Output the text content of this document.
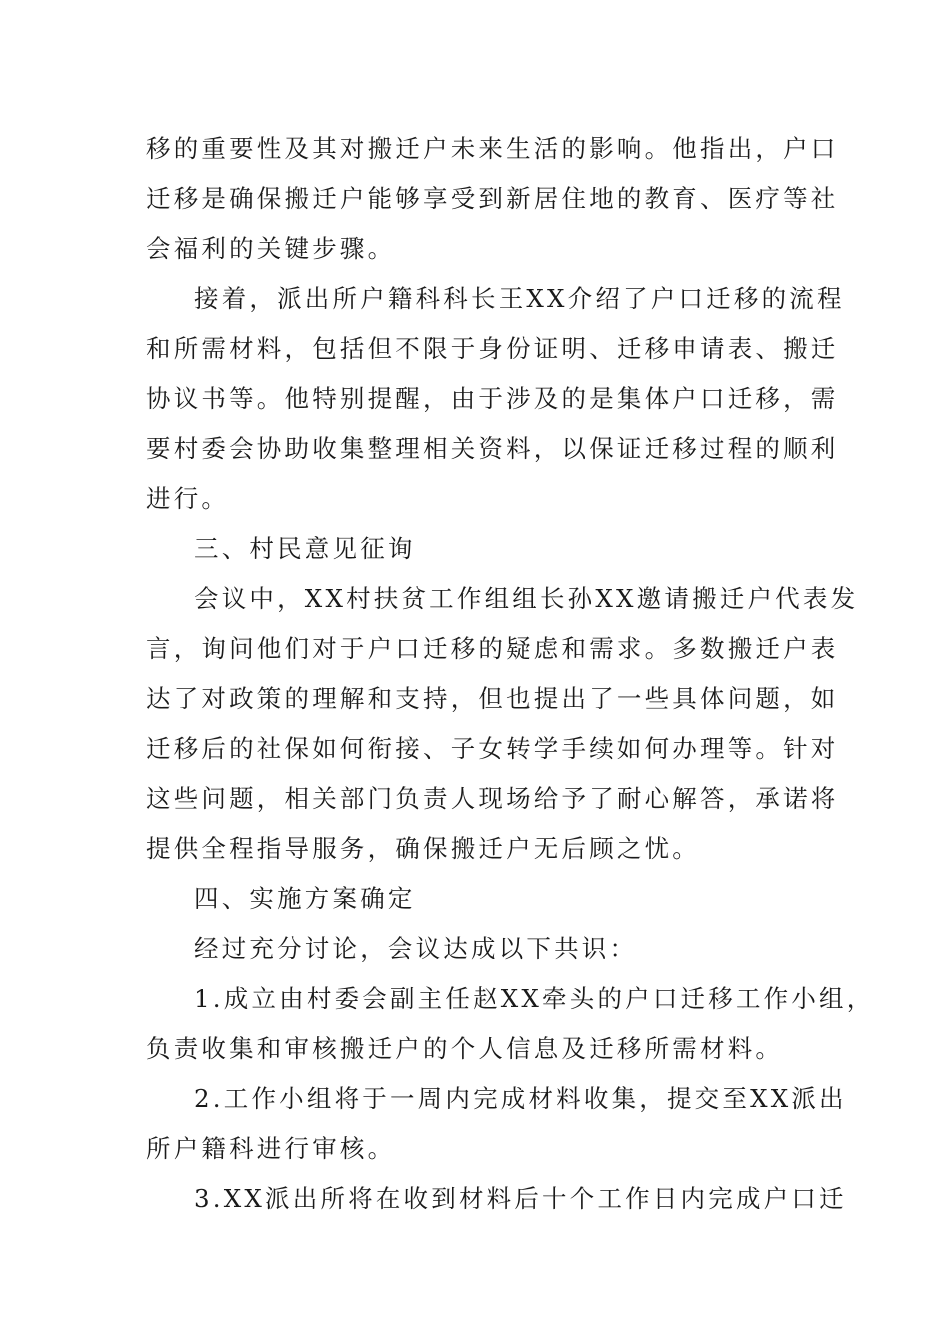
移的重要性及其对搬迁户未来生活的影响。他指出，户口
迁移是确保搬迁户能够享受到新居住地的教育、医疗等社
会福利的关键步骤。
接着，派出所户籍科科长王XX介绍了户口迁移的流程
和所需材料，包括但不限于身份证明、迁移申请表、搬迁
协议书等。他特别提醒，由于涉及的是集体户口迁移，需
要村委会协助收集整理相关资料，以保证迁移过程的顺利
进行。
三、村民意见征询
会议中，XX村扶贫工作组组长孙XX邀请搬迁户代表发
言，询问他们对于户口迁移的疑虑和需求。多数搬迁户表
达了对政策的理解和支持，但也提出了一些具体问题，如
迁移后的社保如何衔接、子女转学手续如何办理等。针对
这些问题，相关部门负责人现场给予了耐心解答，承诺将
提供全程指导服务，确保搬迁户无后顾之忧。
四、实施方案确定
经过充分讨论，会议达成以下共识：
1.成立由村委会副主任赵XX牵头的户口迁移工作小组，
负责收集和审核搬迁户的个人信息及迁移所需材料。
2.工作小组将于一周内完成材料收集，提交至XX派出
所户籍科进行审核。
3.XX派出所将在收到材料后十个工作日内完成户口迁
